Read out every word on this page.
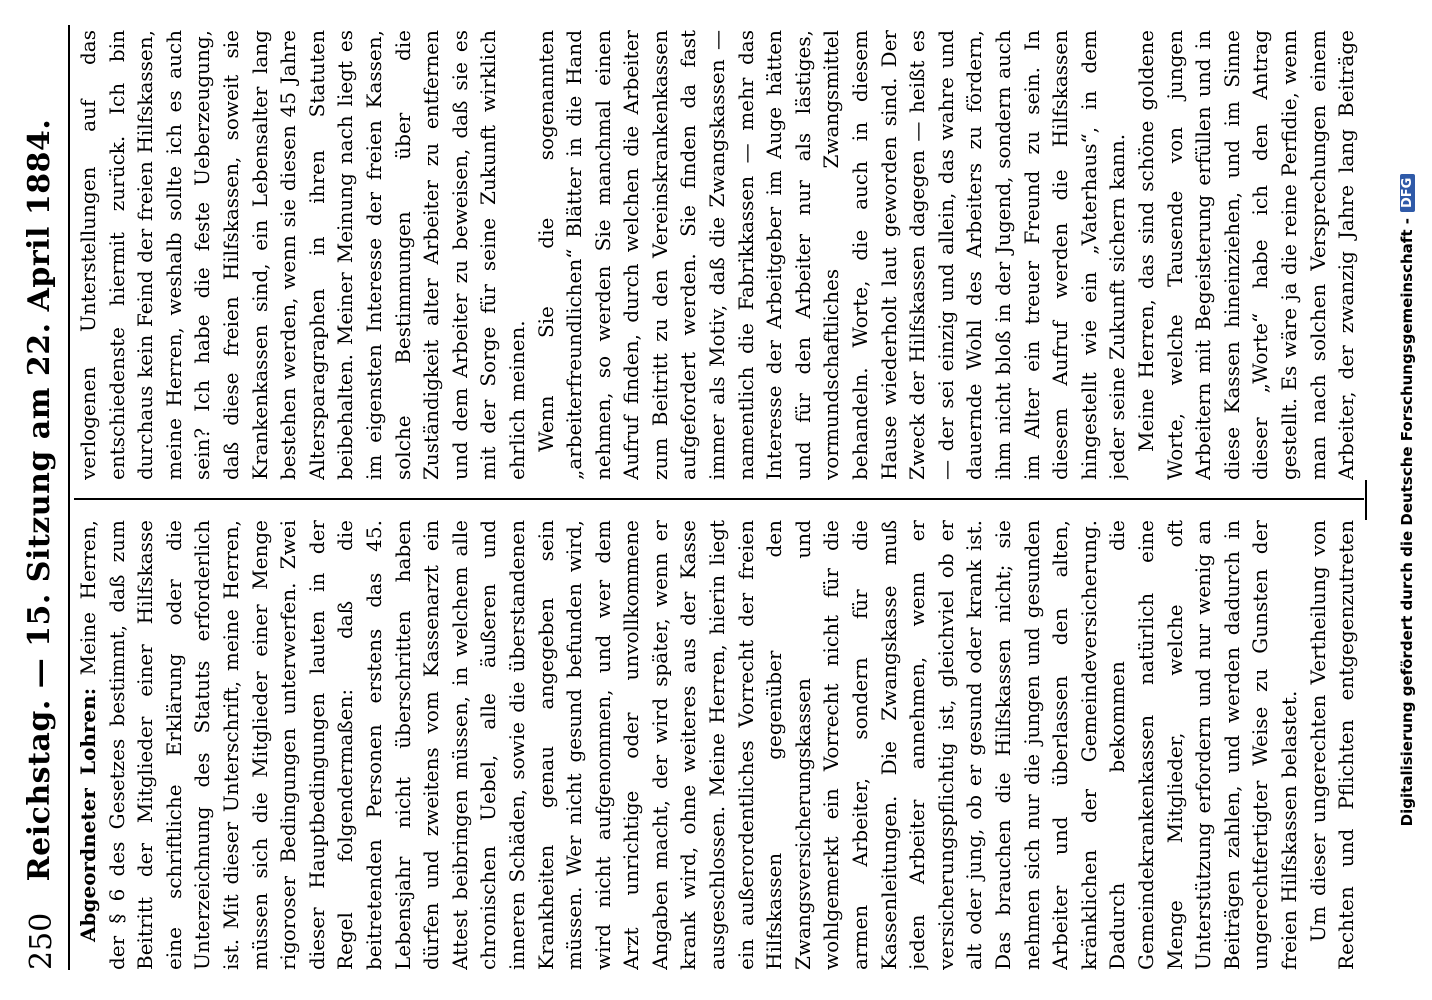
250
Reichstag. — 15. Sitzung am 22. April 1884. Abgeordneter Lohren: Meine Herren, der § 6 des Gesetzes bestimmt, daß zum Beitritt der Mitglieder einer Hilfskasse eine schriftliche Erklärung oder die Unterzeichnung des Statuts erforderlich ist. Mit dieser Unterschrift, meine Herren, müssen sich die Mitglieder einer Menge rigoroser Bedingungen unterwerfen. Zwei dieser Hauptbedingungen lauten in der Regel folgendermaßen: daß die beitretenden Personen erstens das 45. Lebensjahr nicht überschritten haben dürfen und zweitens vom Kassenarzt ein Attest beibringen müssen, in welchem alle chronischen Uebel, alle äußeren und inneren Schäden, sowie die überstandenen Krankheiten genau angegeben sein müssen. Wer nicht gesund befunden wird, wird nicht aufgenommen, und wer dem Arzt unrichtige oder unvollkommene Angaben macht, der wird später, wenn er krank wird, ohne weiteres aus der Kasse ausgeschlossen. Meine Herren, hierin liegt ein außerordentliches Vorrecht der freien Hilfskassen gegenüber den Zwangsversicherungskassen und wohlgemerkt ein Vorrecht nicht für die armen Arbeiter, sondern für die Kassenleitungen. Die Zwangskasse muß jeden Arbeiter annehmen, wenn er versicherungspflichtig ist, gleichviel ob er alt oder jung, ob er gesund oder krank ist. Das brauchen die Hilfskassen nicht; sie nehmen sich nur die jungen und gesunden Arbeiter und überlassen den alten, kränklichen der Gemeindeversicherung. Dadurch bekommen die Gemeindekrankenkassen natürlich eine Menge Mitglieder, welche oft Unterstützung erfordern und nur wenig an Beiträgen zahlen, und werden dadurch in ungerechtfertigter Weise zu Gunsten der freien Hilfskassen belastet. Um dieser ungerechten Vertheilung von Rechten und Pflichten entgegenzutreten

verlogenen Unterstellungen auf das entschiedenste hiermit zurück. Ich bin durchaus kein Feind der freien Hilfskassen, meine Herren, weshalb sollte ich es auch sein? Ich habe die feste Ueberzeugung, daß diese freien Hilfskassen, soweit sie Krankenkassen sind, ein Lebensalter lang bestehen werden, wenn sie diesen 45 Jahre Altersparagraphen in ihren Statuten beibehalten. Meiner Meinung nach liegt es im eigensten Interesse der freien Kassen, solche Bestimmungen über die Zuständigkeit alter Arbeiter zu entfernen und dem Arbeiter zu beweisen, daß sie es mit der Sorge für seine Zukunft wirklich ehrlich meinen. Wenn Sie die sogenannten „arbeiterfreundlichen“ Blätter in die Hand nehmen, so werden Sie manchmal einen Aufruf finden, durch welchen die Arbeiter zum Beitritt zu den Vereinskrankenkassen aufgefordert werden. Sie finden da fast immer als Motiv, daß die Zwangskassen — namentlich die Fabrikkassen — mehr das Interesse der Arbeitgeber im Auge hätten und für den Arbeiter nur als lästiges, vormundschaftliches Zwangsmittel behandeln. Worte, die auch in diesem Hause wiederholt laut geworden sind. Der Zweck der Hilfskassen dagegen — heißt es — der sei einzig und allein, das wahre und dauernde Wohl des Arbeiters zu fördern, ihm nicht bloß in der Jugend, sondern auch im Alter ein treuer Freund zu sein. In diesem Aufruf werden die Hilfskassen hingestellt wie ein „Vaterhaus“, in dem jeder seine Zukunft sichern kann. Meine Herren, das sind schöne goldene Worte, welche Tausende von jungen Arbeitern mit Begeisterung erfüllen und in diese Kassen hineinziehen, und im Sinne dieser „Worte“ habe ich den Antrag gestellt. Es wäre ja die reine Perfidie, wenn man nach solchen Versprechungen einem Arbeiter, der zwanzig Jahre lang Beiträge

Digitalisierung gefördert durch die Deutsche Forschungsgemeinschaft -DFG
